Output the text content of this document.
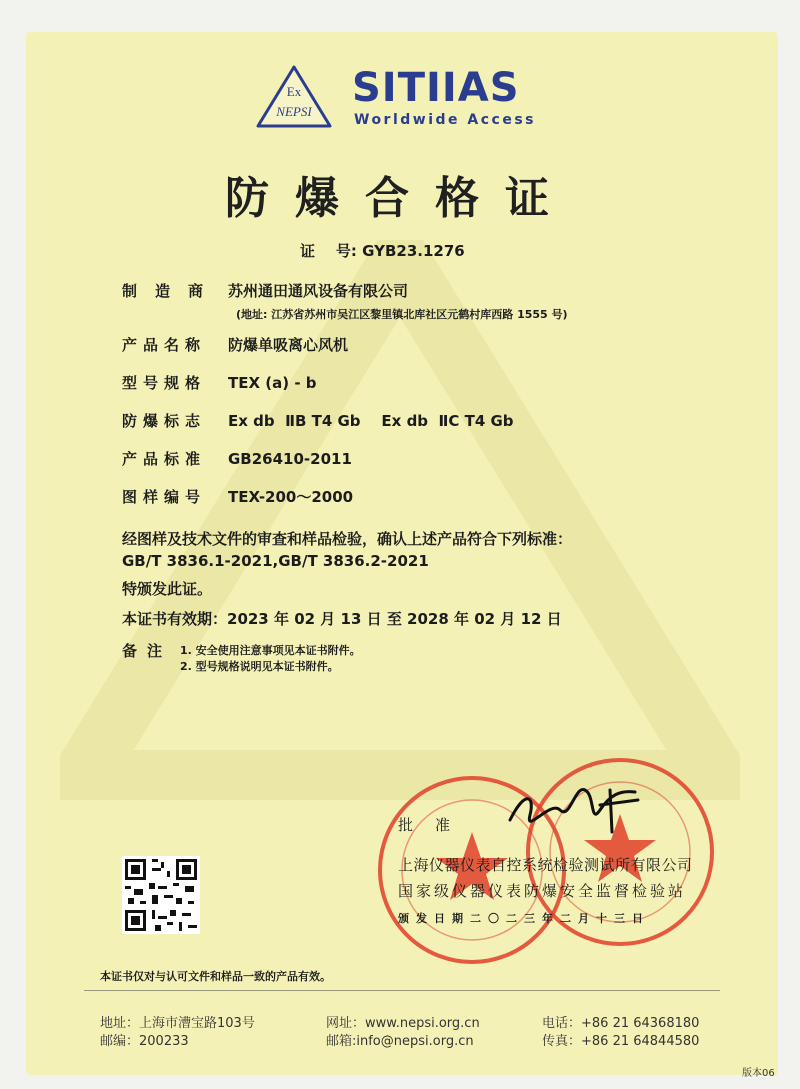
Ex
NEPSI
SITIIAS
Worldwide Access
防爆合格证
证    号: GYB23.1276
制造商 苏州通田通风设备有限公司
(地址: 江苏省苏州市吴江区黎里镇北库社区元鹤村库西路 1555 号)
产品名称 防爆单吸离心风机
型号规格 TEX (a) - b
防爆标志 Ex db  ⅡB T4 Gb    Ex db  ⅡC T4 Gb
产品标准 GB26410-2011
图样编号 TEX-200～2000
经图样及技术文件的审查和样品检验，确认上述产品符合下列标准：
GB/T 3836.1-2021,GB/T 3836.2-2021
特颁发此证。
本证书有效期：2023 年 02 月 13 日 至 2028 年 02 月 12 日
备注 1. 安全使用注意事项见本证书附件。
2. 型号规格说明见本证书附件。
批准
上海仪器仪表自控系统检验测试所有限公司
国家级仪器仪表防爆安全监督检验站
颁发日期二〇二三年二月十三日
本证书仅对与认可文件和样品一致的产品有效。
地址：上海市漕宝路103号
邮编：200233
网址：www.nepsi.org.cn
邮箱:info@nepsi.org.cn
电话：+86 21 64368180
传真：+86 21 64844580
版本06
